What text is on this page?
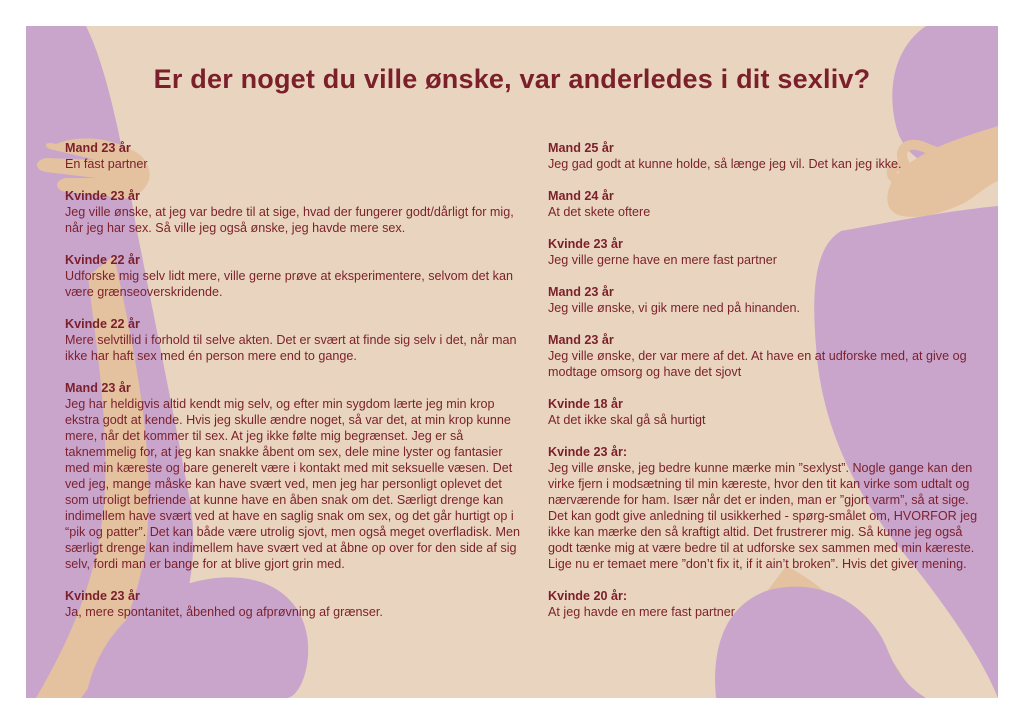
Er der noget du ville ønske, var anderledes i dit sexliv?
Mand 23 år
En fast partner
Kvinde 23 år
Jeg ville ønske, at jeg var bedre til at sige, hvad der fungerer godt/dårligt for mig, når jeg har sex. Så ville jeg også ønske, jeg havde mere sex.
Kvinde 22 år
Udforske mig selv lidt mere, ville gerne prøve at eksperimentere, selvom det kan være grænseoverskridende.
Kvinde 22 år
Mere selvtillid i forhold til selve akten. Det er svært at finde sig selv i det, når man ikke har haft sex med én person mere end to gange.
Mand 23 år
Jeg har heldigvis altid kendt mig selv, og efter min sygdom lærte jeg min krop ekstra godt at kende. Hvis jeg skulle ændre noget, så var det, at min krop kunne mere, når det kommer til sex. At jeg ikke følte mig begrænset. Jeg er så taknemmelig for, at jeg kan snakke åbent om sex, dele mine lyster og fantasier med min kæreste og bare generelt være i kontakt med mit seksuelle væsen. Det ved jeg, mange måske kan have svært ved, men jeg har personligt oplevet det som utroligt befriende at kunne have en åben snak om det. Særligt drenge kan indimellem have svært ved at have en saglig snak om sex, og det går hurtigt op i “pik og patter”. Det kan både være utrolig sjovt, men også meget overfladisk. Men særligt drenge kan indimellem have svært ved at åbne op over for den side af sig selv, fordi man er bange for at blive gjort grin med.
Kvinde 23 år
Ja, mere spontanitet, åbenhed og afprøvning af grænser.
Mand 25 år
Jeg gad godt at kunne holde, så længe jeg vil. Det kan jeg ikke.
Mand 24 år
At det skete oftere
Kvinde 23 år
Jeg ville gerne have en mere fast partner
Mand 23 år
Jeg ville ønske, vi gik mere ned på hinanden.
Mand 23 år
Jeg ville ønske, der var mere af det. At have en at udforske med, at give og modtage omsorg og have det sjovt
Kvinde 18 år
At det ikke skal gå så hurtigt
Kvinde 23 år:
Jeg ville ønske, jeg bedre kunne mærke min ”sexlyst”. Nogle gange kan den virke fjern i modsætning til min kæreste, hvor den tit kan virke som udtalt og nærværende for ham. Især når det er inden, man er ”gjort varm”, så at sige. Det kan godt give anledning til usikkerhed - spørg-smålet om, HVORFOR jeg ikke kan mærke den så kraftigt altid. Det frustrerer mig. Så kunne jeg også godt tænke mig at være bedre til at udforske sex sammen med min kæreste. Lige nu er temaet mere ”don’t fix it, if it ain’t broken”. Hvis det giver mening.
Kvinde 20 år:
At jeg havde en mere fast partner
